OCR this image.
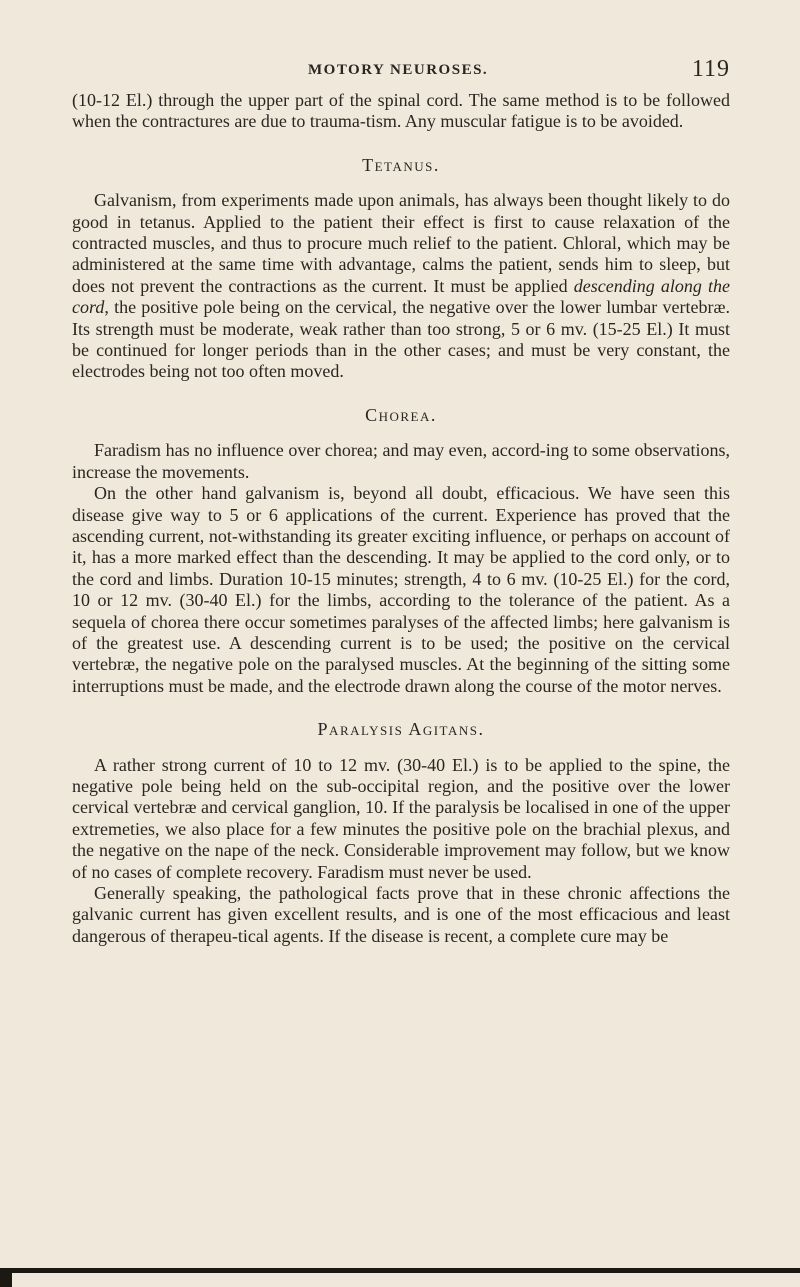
MOTORY NEUROSES.	119

(10-12 El.) through the upper part of the spinal cord. The same method is to be followed when the contractures are due to trauma-tism. Any muscular fatigue is to be avoided.

Tetanus.

Galvanism, from experiments made upon animals, has always been thought likely to do good in tetanus. Applied to the patient their effect is first to cause relaxation of the contracted muscles, and thus to procure much relief to the patient. Chloral, which may be administered at the same time with advantage, calms the patient, sends him to sleep, but does not prevent the contractions as the current. It must be applied descending along the cord, the positive pole being on the cervical, the negative over the lower lumbar vertebræ. Its strength must be moderate, weak rather than too strong, 5 or 6 mv. (15-25 El.) It must be continued for longer periods than in the other cases; and must be very constant, the electrodes being not too often moved.

Chorea.

Faradism has no influence over chorea; and may even, accord-ing to some observations, increase the movements.

On the other hand galvanism is, beyond all doubt, efficacious. We have seen this disease give way to 5 or 6 applications of the current. Experience has proved that the ascending current, not-withstanding its greater exciting influence, or perhaps on account of it, has a more marked effect than the descending. It may be applied to the cord only, or to the cord and limbs. Duration 10-15 minutes; strength, 4 to 6 mv. (10-25 El.) for the cord, 10 or 12 mv. (30-40 El.) for the limbs, according to the tolerance of the patient. As a sequela of chorea there occur sometimes paralyses of the affected limbs; here galvanism is of the greatest use. A descending current is to be used; the positive on the cervical vertebræ, the negative pole on the paralysed muscles. At the beginning of the sitting some interruptions must be made, and the electrode drawn along the course of the motor nerves.

Paralysis Agitans.

A rather strong current of 10 to 12 mv. (30-40 El.) is to be applied to the spine, the negative pole being held on the sub-occipital region, and the positive over the lower cervical vertebræ and cervical ganglion, 10. If the paralysis be localised in one of the upper extremeties, we also place for a few minutes the positive pole on the brachial plexus, and the negative on the nape of the neck. Considerable improvement may follow, but we know of no cases of complete recovery. Faradism must never be used.

Generally speaking, the pathological facts prove that in these chronic affections the galvanic current has given excellent results, and is one of the most efficacious and least dangerous of therapeu-tical agents. If the disease is recent, a complete cure may be
